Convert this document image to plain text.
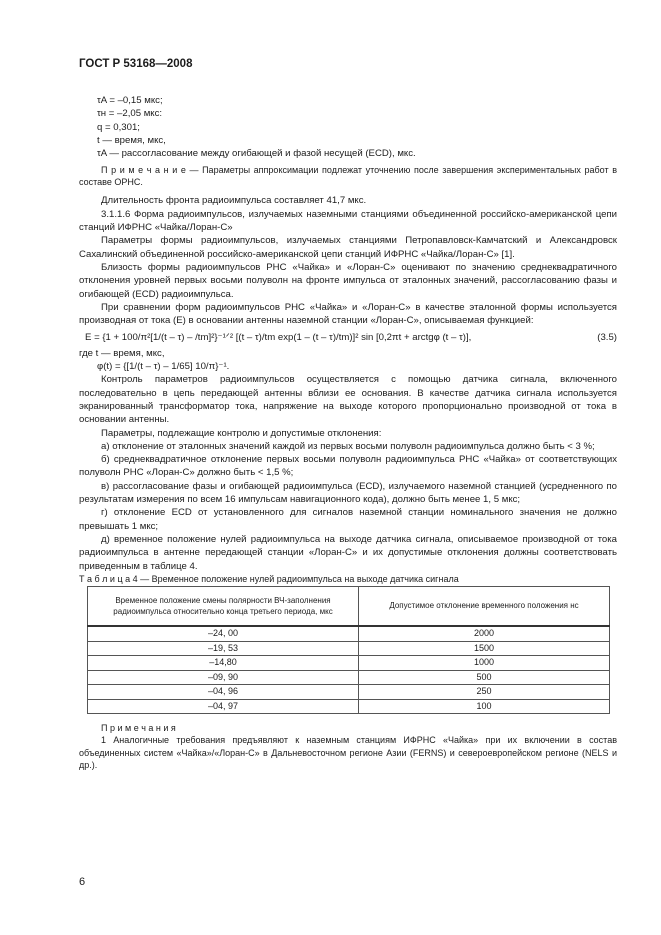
ГОСТ Р 53168—2008

τA = –0,15 мкс;

τн = –2,05 мкс:

q = 0,301;

t — время, мкс,

τA — рассогласование между огибающей и фазой несущей (ЕСD), мкс.

П р и м е ч а н и е — Параметры аппроксимации подлежат уточнению после завершения экспериментальных работ в составе ОРНС.

Длительность фронта радиоимпульса составляет 41,7 мкс.

3.1.1.6 Форма радиоимпульсов, излучаемых наземными станциями объединенной российско-американской цепи станций ИФРНС «Чайка/Лоран-С»

Параметры формы радиоимпульсов, излучаемых станциями Петропавловск-Камчатский и Александровск Сахалинский объединенной российско-американской цепи станций ИФРНС «Чайка/Лоран-С» [1].

Близость формы радиоимпульсов РНС «Чайка» и «Лоран-С» оценивают по значению среднеквадратичного отклонения уровней первых восьми полуволн на фронте импульса от эталонных значений, рассогласованию фазы и огибающей (ЕСD) радиоимпульса.

При сравнении форм радиоимпульсов РНС «Чайка» и «Лоран-С» в качестве эталонной формы используется производная от тока (Е) в основании антенны наземной станции «Лоран-С», описываемая функцией:

E = {1 + 100/π²[1/(t – τ) – /tm]²}⁻¹ᐟ² [(t – τ)/tm exp(1 – (t – τ)/tm)]² sin [0,2πt + arctgφ (t – τ)],	(3.5)

где t — время, мкс,

φ(t) = {[1/(t – τ) – 1/65] 10/π}⁻¹.

Контроль параметров радиоимпульсов осуществляется с помощью датчика сигнала, включенного последовательно в цепь передающей антенны вблизи ее основания. В качестве датчика сигнала используется экранированный трансформатор тока, напряжение на выходе которого пропорционально производной от тока в основании антенны.

Параметры, подлежащие контролю и допустимые отклонения:

а) отклонение от эталонных значений каждой из первых восьми полуволн радиоимпульса должно быть < 3 %;

б) среднеквадратичное отклонение первых восьми полуволн радиоимпульса РНС «Чайка» от соответствующих полуволн РНС «Лоран-С» должно быть < 1,5 %;

в) рассогласование фазы и огибающей радиоимпульса (ЕСD), излучаемого наземной станцией (усредненного по результатам измерения по всем 16 импульсам навигационного кода), должно быть менее 1, 5 мкс;

г) отклонение ЕСD от установленного для сигналов наземной станции номинального значения не должно превышать 1 мкс;

д) временное положение нулей радиоимпульса на выходе датчика сигнала, описываемое производной от тока радиоимпульса в антенне передающей станции «Лоран-С» и их допустимые отклонения должны соответствовать приведенным в таблице 4.

Т а б л и ц а 4 — Временное положение нулей радиоимпульса на выходе датчика сигнала

Временное положение смены полярности ВЧ-заполнения радиоимпульса относительно конца третьего периода, мкс	Допустимое отклонение временного положения нс
–24, 00	2000
–19, 53	1500
–14,80	1000
–09, 90	500
–04, 96	250
–04, 97	100

П р и м е ч а н и я

1 Аналогичные требования предъявляют к наземным станциям ИФРНС «Чайка» при их включении в состав объединенных систем «Чайка»/«Лоран-С» в Дальневосточном регионе Азии (FERNS) и североевропейском регионе (NELS и др.).

6
